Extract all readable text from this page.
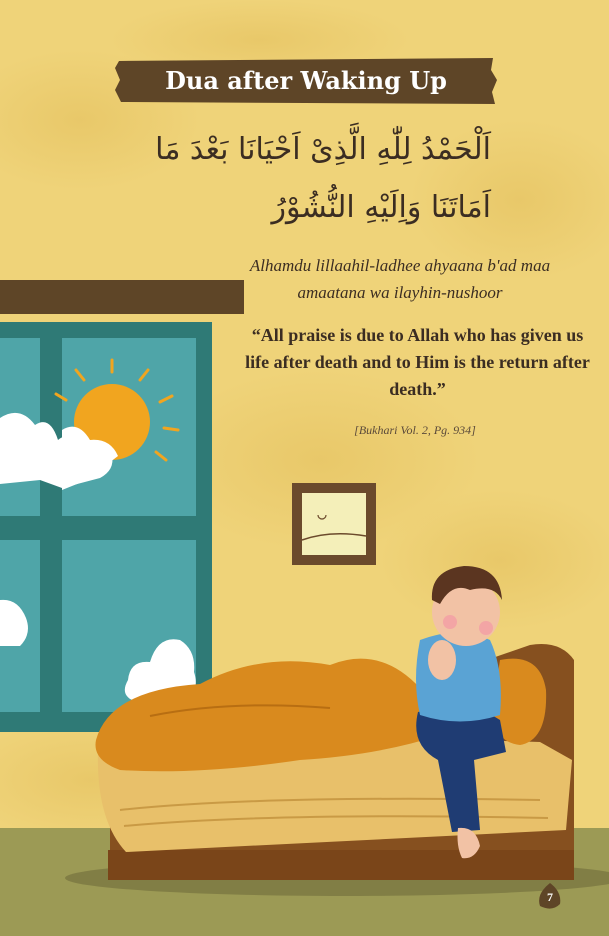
Dua after Waking Up
اَلْحَمْدُ لِلّٰهِ الَّذِىْ اَحْيَانَا بَعْدَ مَا
اَمَاتَنَا وَاِلَيْهِ النُّشُوْرُ
Alhamdu lillaahil-ladhee ahyaana b'ad maa
amaatana wa ilayhin-nushoor
“All praise is due to Allah who has given us life after death and to Him is the return after death.”
[Bukhari Vol. 2, Pg. 934]
7
